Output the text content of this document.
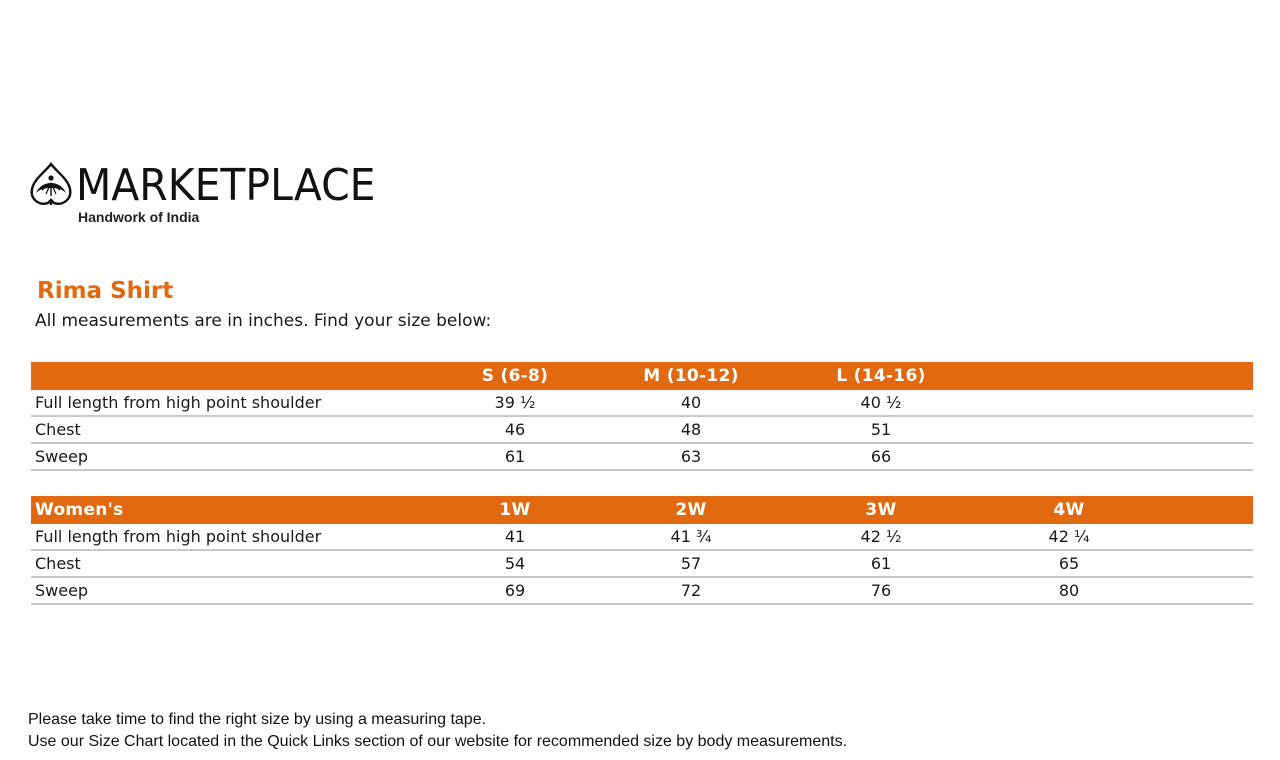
MARKETPLACE
Handwork of India
Rima Shirt
All measurements are in inches. Find your size below:
	S (6-8)	M (10-12)	L (14-16)		
Full length from high point shoulder	39 ½	40	40 ½		
Chest	46	48	51		
Sweep	61	63	66		
Women's	1W	2W	3W	4W	
Full length from high point shoulder	41	41 ¾	42 ½	42 ¼	
Chest	54	57	61	65	
Sweep	69	72	76	80	
Please take time to find the right size by using a measuring tape.
Use our Size Chart located in the Quick Links section of our website for recommended size by body measurements.
